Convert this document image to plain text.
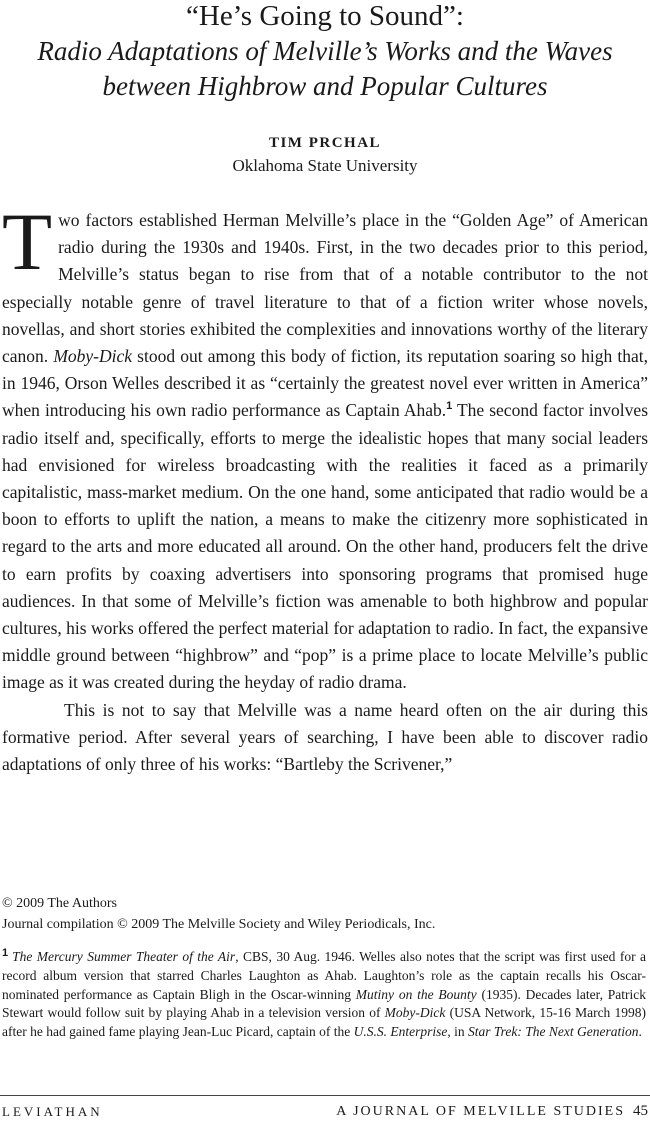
“He’s Going to Sound”:
Radio Adaptations of Melville’s Works and the Waves
between Highbrow and Popular Cultures
TIM PRCHAL
Oklahoma State University

Two factors established Herman Melville’s place in the “Golden Age” of American radio during the 1930s and 1940s. First, in the two decades prior to this period, Melville’s status began to rise from that of a notable contributor to the not especially notable genre of travel literature to that of a fiction writer whose novels, novellas, and short stories exhibited the complexities and innovations worthy of the literary canon. Moby-Dick stood out among this body of fiction, its reputation soaring so high that, in 1946, Orson Welles described it as “certainly the greatest novel ever written in America” when introducing his own radio performance as Captain Ahab.$^1$ The second factor involves radio itself and, specifically, efforts to merge the idealistic hopes that many social leaders had envisioned for wireless broadcasting with the realities it faced as a primarily capitalistic, mass-market medium. On the one hand, some anticipated that radio would be a boon to efforts to uplift the nation, a means to make the citizenry more sophisticated in regard to the arts and more educated all around. On the other hand, producers felt the drive to earn profits by coaxing advertisers into sponsoring programs that promised huge audiences. In that some of Melville’s fiction was amenable to both highbrow and popular cultures, his works offered the perfect material for adaptation to radio. In fact, the expansive middle ground between “highbrow” and “pop” is a prime place to locate Melville’s public image as it was created during the heyday of radio drama.

This is not to say that Melville was a name heard often on the air during this formative period. After several years of searching, I have been able to discover radio adaptations of only three of his works: “Bartleby the Scrivener,”

© 2009 The Authors
Journal compilation © 2009 The Melville Society and Wiley Periodicals, Inc.
$^1$ The Mercury Summer Theater of the Air, CBS, 30 Aug. 1946. Welles also notes that the script was first used for a record album version that starred Charles Laughton as Ahab. Laughton’s role as the captain recalls his Oscar-nominated performance as Captain Bligh in the Oscar-winning Mutiny on the Bounty (1935). Decades later, Patrick Stewart would follow suit by playing Ahab in a television version of Moby-Dick (USA Network, 15-16 March 1998) after he had gained fame playing Jean-Luc Picard, captain of the U.S.S. Enterprise, in Star Trek: The Next Generation.
LEVIATHAN	A JOURNAL OF MELVILLE STUDIES 45
